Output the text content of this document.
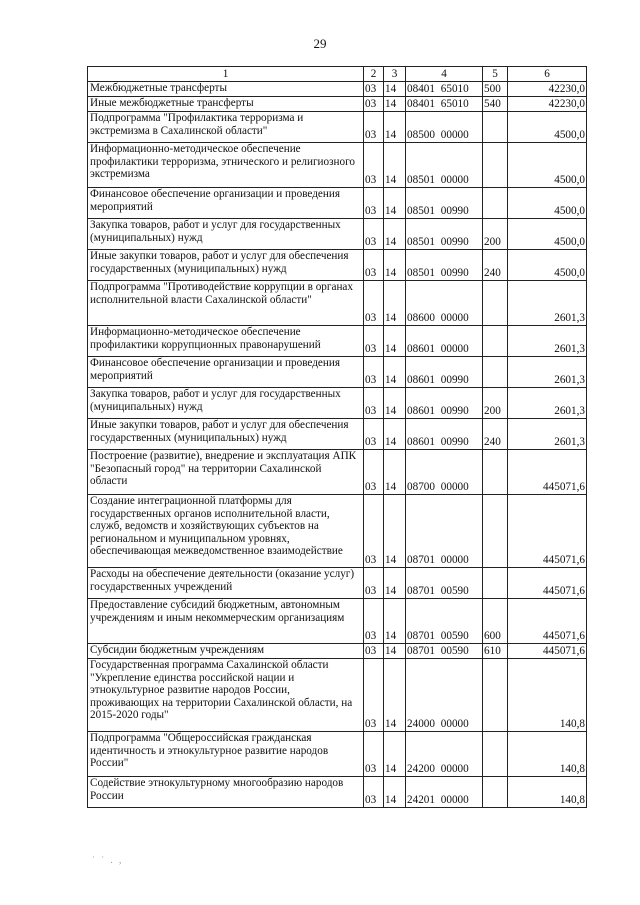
29
1	2	3	4	5	6
Межбюджетные трансферты	03	14	08401 65010	500	42230,0
Иные межбюджетные трансферты	03	14	08401 65010	540	42230,0
Подпрограмма "Профилактика терроризма и экстремизма в Сахалинской области"	03	14	08500 00000		4500,0
Информационно-методическое обеспечение профилактики терроризма, этнического и религиозного экстремизма	03	14	08501 00000		4500,0
Финансовое обеспечение организации и проведения мероприятий	03	14	08501 00990		4500,0
Закупка товаров, работ и услуг для государственных (муниципальных) нужд	03	14	08501 00990	200	4500,0
Иные закупки товаров, работ и услуг для обеспечения государственных (муниципальных) нужд	03	14	08501 00990	240	4500,0
Подпрограмма "Противодействие коррупции в органах исполнительной власти Сахалинской области"	03	14	08600 00000		2601,3
Информационно-методическое обеспечение профилактики коррупционных правонарушений	03	14	08601 00000		2601,3
Финансовое обеспечение организации и проведения мероприятий	03	14	08601 00990		2601,3
Закупка товаров, работ и услуг для государственных (муниципальных) нужд	03	14	08601 00990	200	2601,3
Иные закупки товаров, работ и услуг для обеспечения государственных (муниципальных) нужд	03	14	08601 00990	240	2601,3
Построение (развитие), внедрение и эксплуатация АПК "Безопасный город" на территории Сахалинской области	03	14	08700 00000		445071,6
Создание интеграционной платформы для государственных органов исполнительной власти, служб, ведомств и хозяйствующих субъектов на региональном и муниципальном уровнях, обеспечивающая межведомственное взаимодействие	03	14	08701 00000		445071,6
Расходы на обеспечение деятельности (оказание услуг) государственных учреждений	03	14	08701 00590		445071,6
Предоставление субсидий бюджетным, автономным учреждениям и иным некоммерческим организациям	03	14	08701 00590	600	445071,6
Субсидии бюджетным учреждениям	03	14	08701 00590	610	445071,6
Государственная программа Сахалинской области "Укрепление единства российской нации и этнокультурное развитие народов России, проживающих на территории Сахалинской области, на 2015-2020 годы"	03	14	24000 00000		140,8
Подпрограмма "Общероссийская гражданская идентичность и этнокультурное развитие народов России"	03	14	24200 00000		140,8
Содействие этнокультурному многообразию народов России	03	14	24201 00000		140,8
˙ ˙ . ,
